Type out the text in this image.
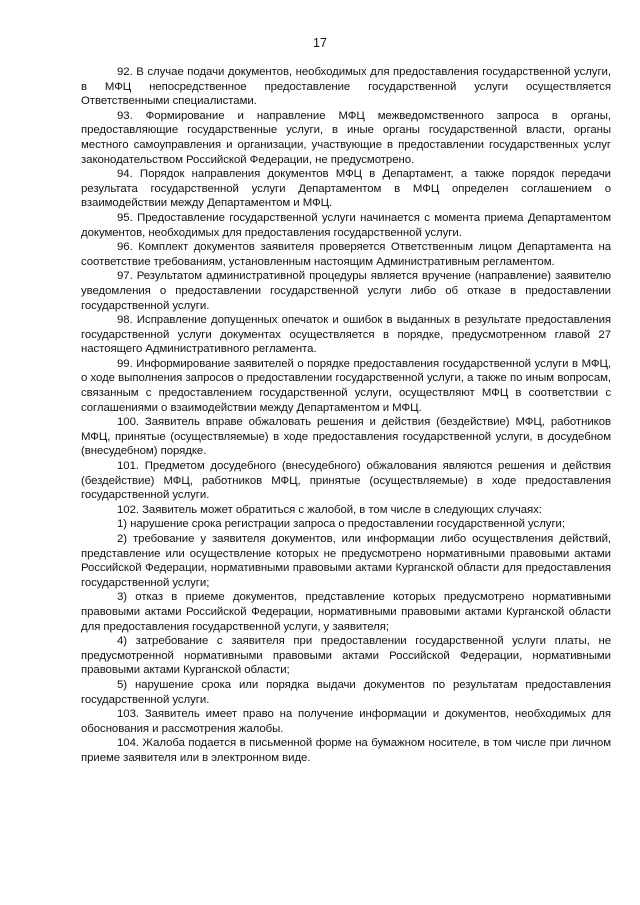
17

92. В случае подачи документов, необходимых для предоставления государственной услуги, в МФЦ непосредственное предоставление государственной услуги осуществляется Ответственными специалистами.

93. Формирование и направление МФЦ межведомственного запроса в органы, предоставляющие государственные услуги, в иные органы государственной власти, органы местного самоуправления и организации, участвующие в предоставлении государственных услуг законодательством Российской Федерации, не предусмотрено.

94. Порядок направления документов МФЦ в Департамент, а также порядок передачи результата государственной услуги Департаментом в МФЦ определен соглашением о взаимодействии между Департаментом и МФЦ.

95. Предоставление государственной услуги начинается с момента приема Департаментом документов, необходимых для предоставления государственной услуги.

96. Комплект документов заявителя проверяется Ответственным лицом Департамента на соответствие требованиям, установленным настоящим Административным регламентом.

97. Результатом административной процедуры является вручение (направление) заявителю уведомления о предоставлении государственной услуги либо об отказе в предоставлении государственной услуги.

98. Исправление допущенных опечаток и ошибок в выданных в результате предоставления государственной услуги документах осуществляется в порядке, предусмотренном главой 27 настоящего Административного регламента.

99. Информирование заявителей о порядке предоставления государственной услуги в МФЦ, о ходе выполнения запросов о предоставлении государственной услуги, а также по иным вопросам, связанным с предоставлением государственной услуги, осуществляют МФЦ в соответствии с соглашениями о взаимодействии между Департаментом и МФЦ.

100. Заявитель вправе обжаловать решения и действия (бездействие) МФЦ, работников МФЦ, принятые (осуществляемые) в ходе предоставления государственной услуги, в досудебном (внесудебном) порядке.

101. Предметом досудебного (внесудебного) обжалования являются решения и действия (бездействие) МФЦ, работников МФЦ, принятые (осуществляемые) в ходе предоставления государственной услуги.

102. Заявитель может обратиться с жалобой, в том числе в следующих случаях:

1) нарушение срока регистрации запроса о предоставлении государственной услуги;

2) требование у заявителя документов, или информации либо осуществления действий, представление или осуществление которых не предусмотрено нормативными правовыми актами Российской Федерации, нормативными правовыми актами Курганской области для предоставления государственной услуги;

3) отказ в приеме документов, представление которых предусмотрено нормативными правовыми актами Российской Федерации, нормативными правовыми актами Курганской области для предоставления государственной услуги, у заявителя;

4) затребование с заявителя при предоставлении государственной услуги платы, не предусмотренной нормативными правовыми актами Российской Федерации, нормативными правовыми актами Курганской области;

5) нарушение срока или порядка выдачи документов по результатам предоставления государственной услуги.

103. Заявитель имеет право на получение информации и документов, необходимых для обоснования и рассмотрения жалобы.

104. Жалоба подается в письменной форме на бумажном носителе, в том числе при личном приеме заявителя или в электронном виде.
